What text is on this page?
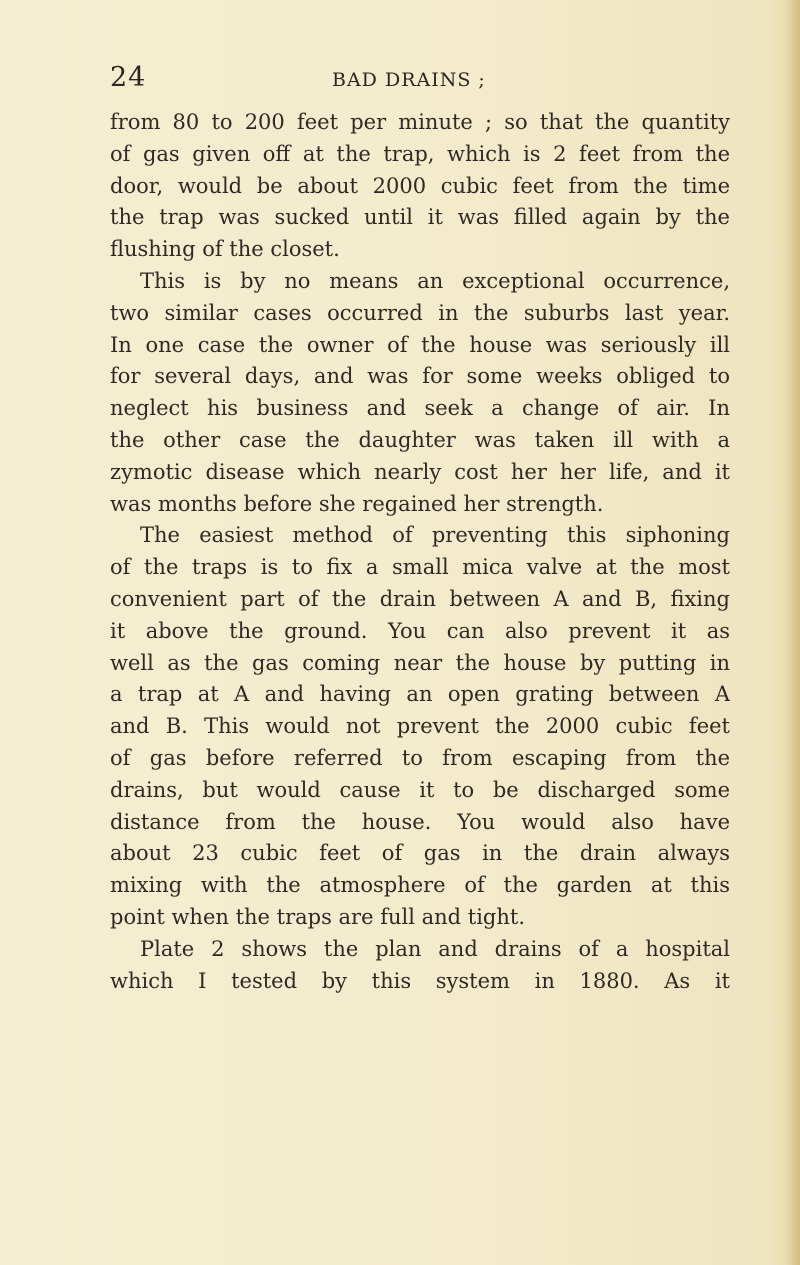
24	BAD DRAINS ;
from 80 to 200 feet per minute ; so that the quantity
of gas given off at the trap, which is 2 feet from the
door, would be about 2000 cubic feet from the time
the trap was sucked until it was filled again by the
flushing of the closet.
This is by no means an exceptional occurrence,
two similar cases occurred in the suburbs last year.
In one case the owner of the house was seriously ill
for several days, and was for some weeks obliged to
neglect his business and seek a change of air. In
the other case the daughter was taken ill with a
zymotic disease which nearly cost her her life, and it
was months before she regained her strength.
The easiest method of preventing this siphoning
of the traps is to fix a small mica valve at the most
convenient part of the drain between A and B, fixing
it above the ground. You can also prevent it as
well as the gas coming near the house by putting in
a trap at A and having an open grating between A
and B. This would not prevent the 2000 cubic feet
of gas before referred to from escaping from the
drains, but would cause it to be discharged some
distance from the house. You would also have
about 23 cubic feet of gas in the drain always
mixing with the atmosphere of the garden at this
point when the traps are full and tight.
Plate 2 shows the plan and drains of a hospital
which I tested by this system in 1880. As it
